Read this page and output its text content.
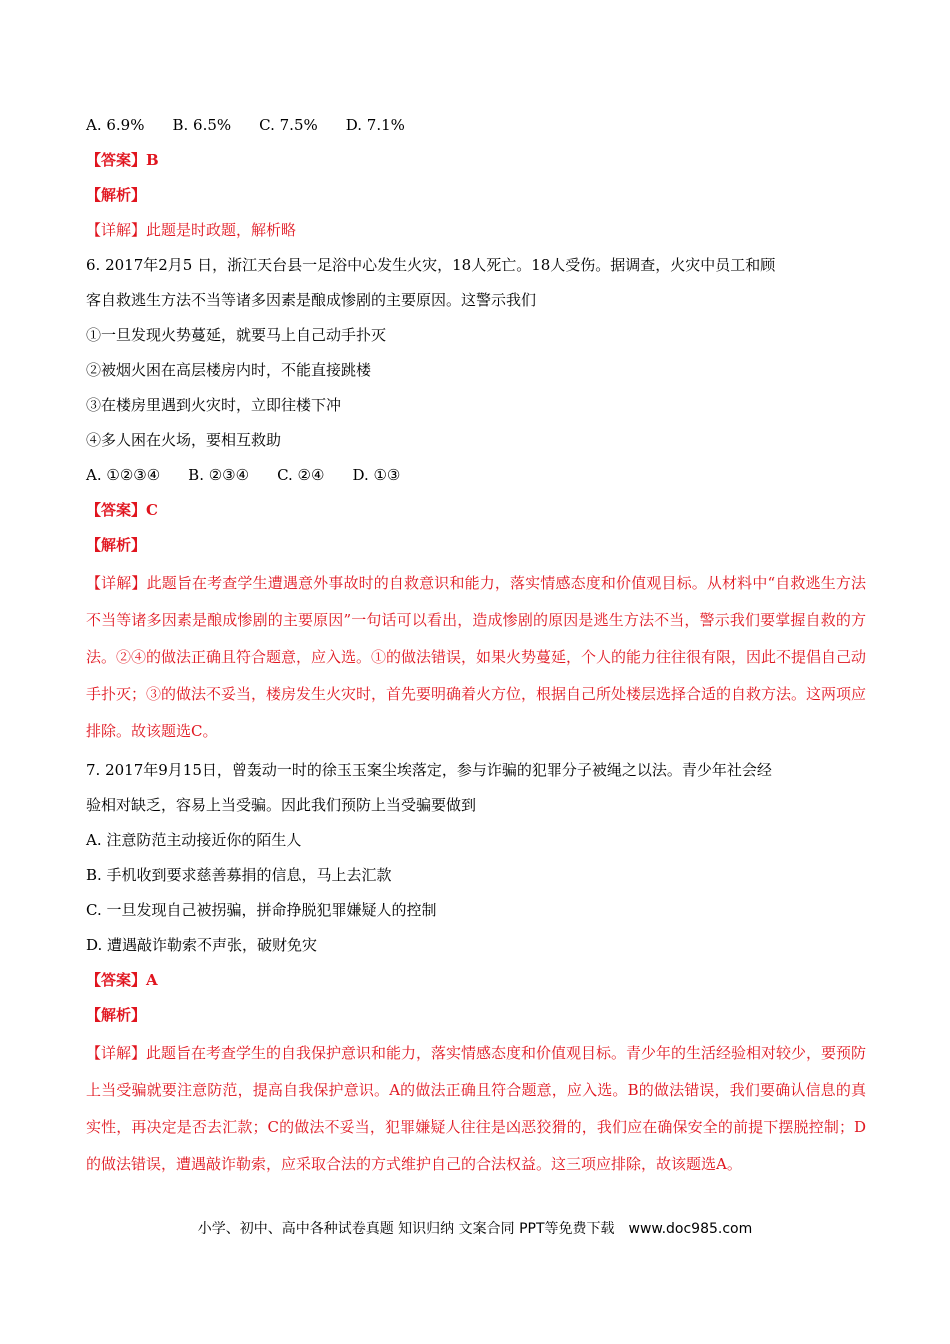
A. 6.9% B. 6.5% C. 7.5% D. 7.1%
【答案】B
【解析】
【详解】此题是时政题，解析略
6. 2017年2月5 日，浙江天台县一足浴中心发生火灾，18人死亡。18人受伤。据调查，火灾中员工和顾
客自救逃生方法不当等诸多因素是酿成惨剧的主要原因。这警示我们
①一旦发现火势蔓延，就要马上自己动手扑灭
②被烟火困在高层楼房内时，不能直接跳楼
③在楼房里遇到火灾时，立即往楼下冲
④多人困在火场，要相互救助
A. ①②③④ B. ②③④ C. ②④ D. ①③
【答案】C
【解析】

【详解】此题旨在考查学生遭遇意外事故时的自救意识和能力，落实情感态度和价值观目标。从材料中“自救逃生方法不当等诸多因素是酿成惨剧的主要原因”一句话可以看出，造成惨剧的原因是逃生方法不当，警示我们要掌握自救的方法。②④的做法正确且符合题意，应入选。①的做法错误，如果火势蔓延，个人的能力往往很有限，因此不提倡自己动手扑灭；③的做法不妥当，楼房发生火灾时，首先要明确着火方位，根据自己所处楼层选择合适的自救方法。这两项应排除。故该题选C。

7. 2017年9月15日，曾轰动一时的徐玉玉案尘埃落定，参与诈骗的犯罪分子被绳之以法。青少年社会经
验相对缺乏，容易上当受骗。因此我们预防上当受骗要做到
A. 注意防范主动接近你的陌生人
B. 手机收到要求慈善募捐的信息，马上去汇款
C. 一旦发现自己被拐骗，拼命挣脱犯罪嫌疑人的控制
D. 遭遇敲诈勒索不声张，破财免灾
【答案】A
【解析】

【详解】此题旨在考查学生的自我保护意识和能力，落实情感态度和价值观目标。青少年的生活经验相对较少，要预防上当受骗就要注意防范，提高自我保护意识。A的做法正确且符合题意，应入选。B的做法错误，我们要确认信息的真实性，再决定是否去汇款；C的做法不妥当，犯罪嫌疑人往往是凶恶狡猾的，我们应在确保安全的前提下摆脱控制；D的做法错误，遭遇敲诈勒索，应采取合法的方式维护自己的合法权益。这三项应排除，故该题选A。

小学、初中、高中各种试卷真题 知识归纳 文案合同 PPT等免费下载　www.doc985.com
